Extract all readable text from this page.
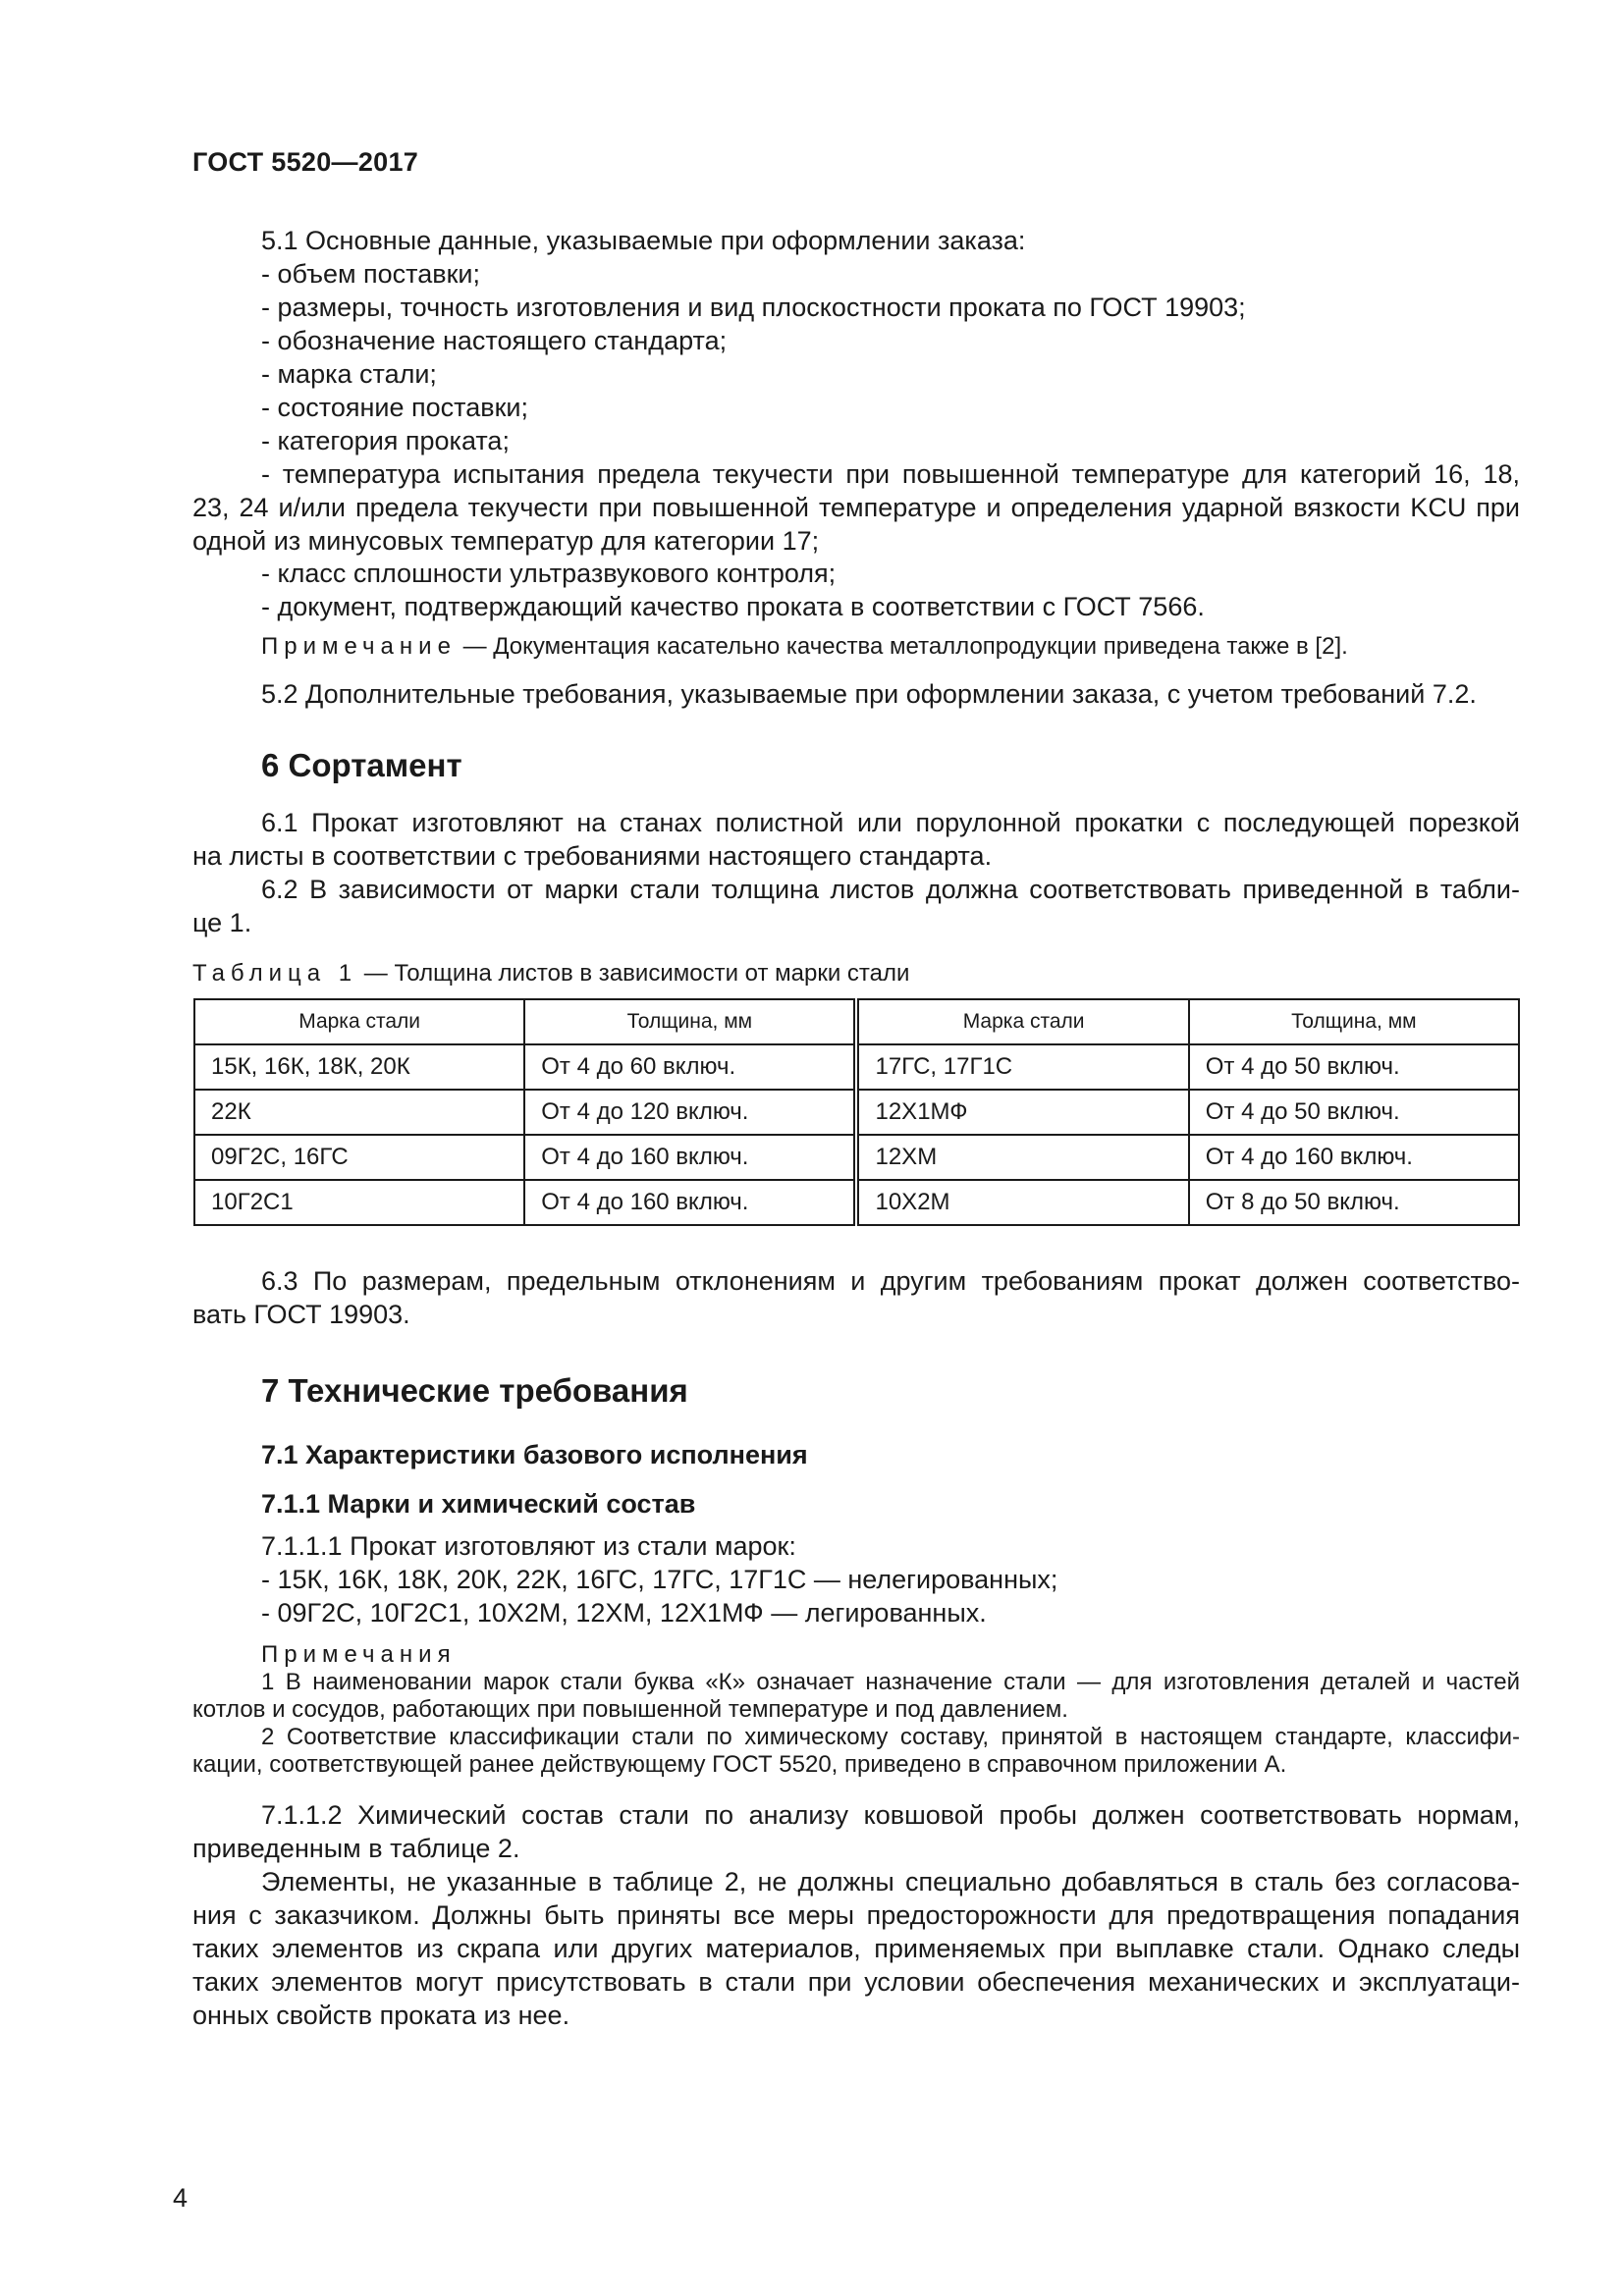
ГОСТ 5520—2017
5.1 Основные данные, указываемые при оформлении заказа:
- объем поставки;
- размеры, точность изготовления и вид плоскостности проката по ГОСТ 19903;
- обозначение настоящего стандарта;
- марка стали;
- состояние поставки;
- категория проката;
- температура испытания предела текучести при повышенной температуре для категорий 16, 18,
23, 24 и/или предела текучести при повышенной температуре и определения ударной вязкости KCU при
одной из минусовых температур для категории 17;
- класс сплошности ультразвукового контроля;
- документ, подтверждающий качество проката в соответствии с ГОСТ 7566.
Примечание — Документация касательно качества металлопродукции приведена также в [2].
5.2 Дополнительные требования, указываемые при оформлении заказа, с учетом требований 7.2.
6 Сортамент
6.1 Прокат изготовляют на станах полистной или порулонной прокатки с последующей порезкой
на листы в соответствии с требованиями настоящего стандарта.
6.2 В зависимости от марки стали толщина листов должна соответствовать приведенной в табли-
це 1.
Таблица 1 — Толщина листов в зависимости от марки стали
Марка стали	Толщина, мм	Марка стали	Толщина, мм
15К, 16К, 18К, 20К	От 4 до 60 включ.	17ГС, 17Г1С	От 4 до 50 включ.
22К	От 4 до 120 включ.	12Х1МФ	От 4 до 50 включ.
09Г2С, 16ГС	От 4 до 160 включ.	12ХМ	От 4 до 160 включ.
10Г2С1	От 4 до 160 включ.	10Х2М	От 8 до 50 включ.
6.3 По размерам, предельным отклонениям и другим требованиям прокат должен соответство-
вать ГОСТ 19903.
7 Технические требования
7.1 Характеристики базового исполнения
7.1.1 Марки и химический состав
7.1.1.1 Прокат изготовляют из стали марок:
- 15К, 16К, 18К, 20К, 22К, 16ГС, 17ГС, 17Г1С — нелегированных;
- 09Г2С, 10Г2С1, 10Х2М, 12ХМ, 12Х1МФ — легированных.
Примечания
1 В наименовании марок стали буква «К» означает назначение стали — для изготовления деталей и частей
котлов и сосудов, работающих при повышенной температуре и под давлением.
2 Соответствие классификации стали по химическому составу, принятой в настоящем стандарте, классифи-
кации, соответствующей ранее действующему ГОСТ 5520, приведено в справочном приложении А.
7.1.1.2 Химический состав стали по анализу ковшовой пробы должен соответствовать нормам,
приведенным в таблице 2.
Элементы, не указанные в таблице 2, не должны специально добавляться в сталь без согласова-
ния с заказчиком. Должны быть приняты все меры предосторожности для предотвращения попадания
таких элементов из скрапа или других материалов, применяемых при выплавке стали. Однако следы
таких элементов могут присутствовать в стали при условии обеспечения механических и эксплуатаци-
онных свойств проката из нее.
4
